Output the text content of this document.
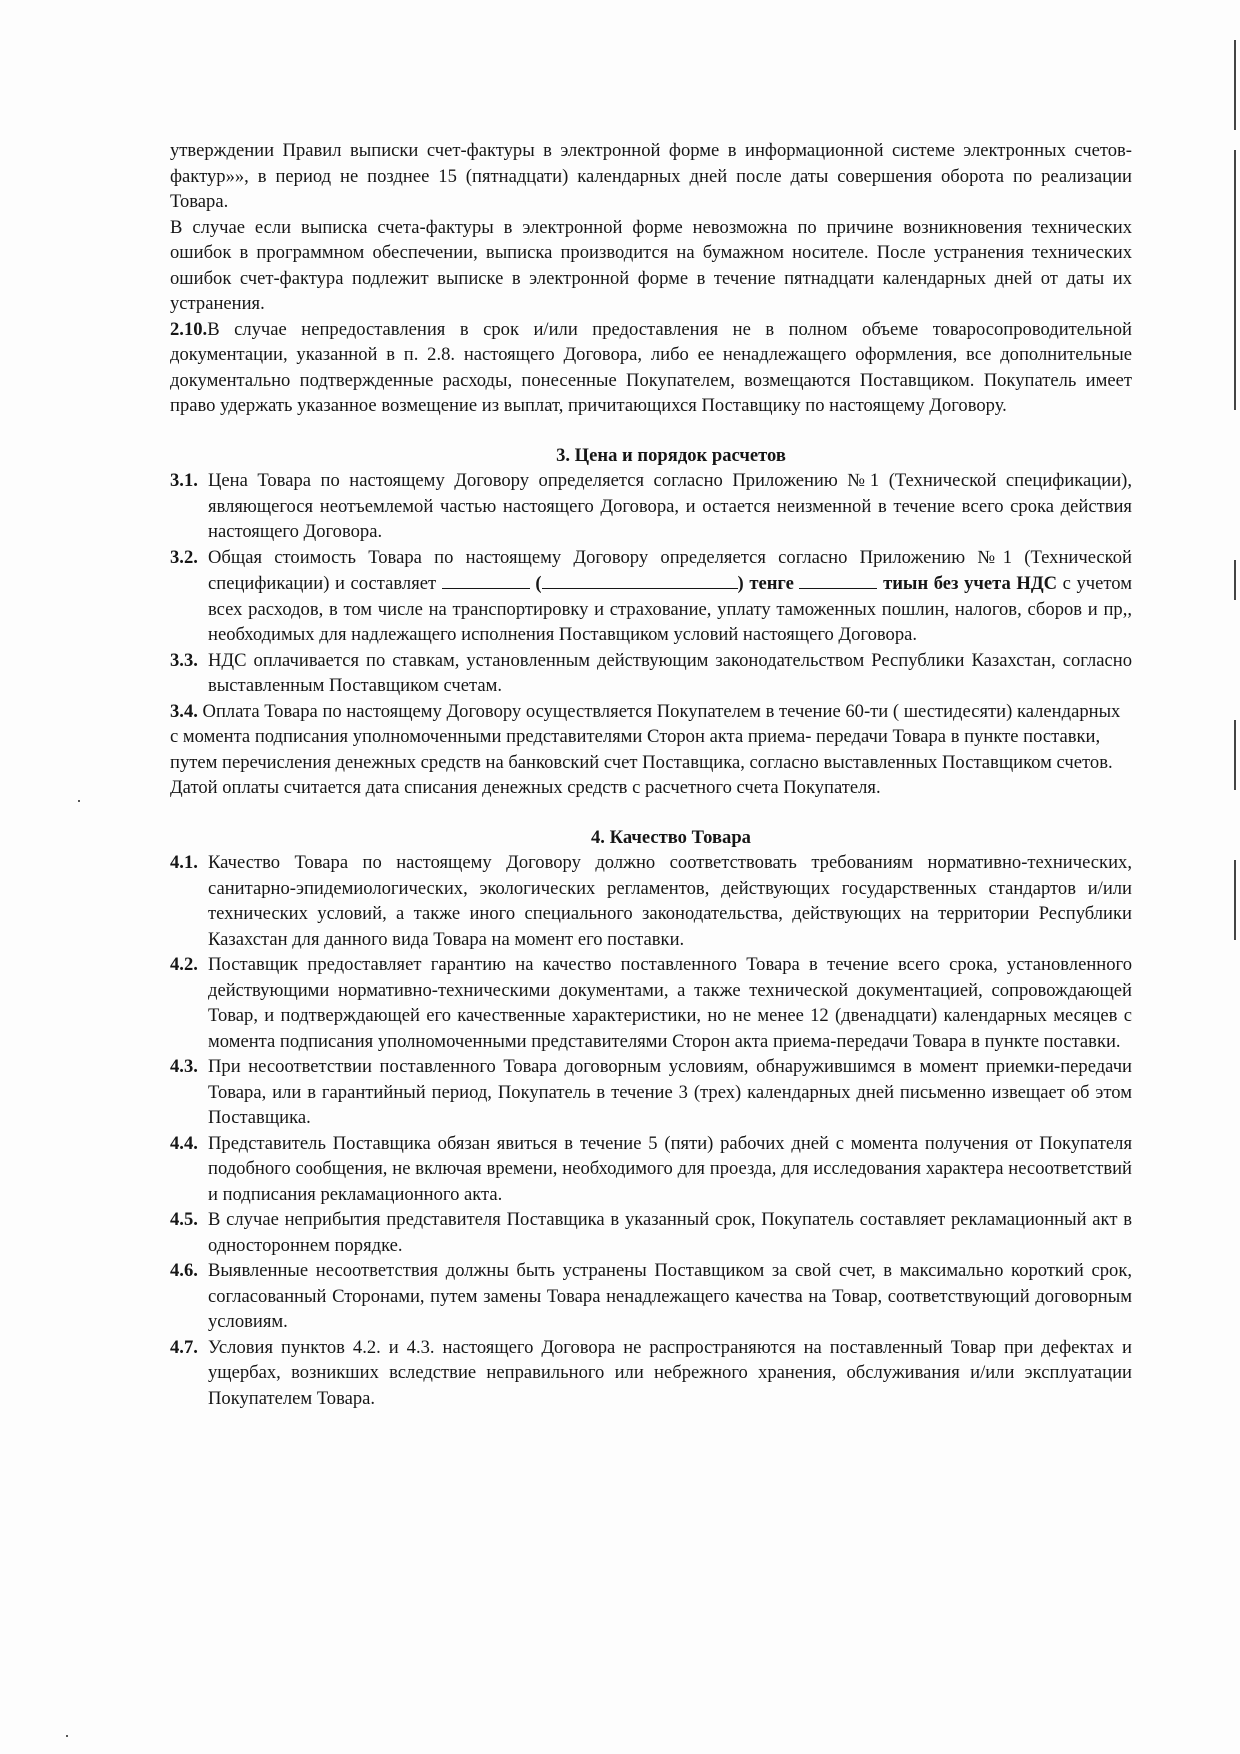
утверждении Правил выписки счет-фактуры в электронной форме в информационной системе электронных счетов-фактур»», в период не позднее 15 (пятнадцати) календарных дней после даты совершения оборота по реализации Товара.

В случае если выписка счета-фактуры в электронной форме невозможна по причине возникновения технических ошибок в программном обеспечении, выписка производится на бумажном носителе. После устранения технических ошибок счет-фактура подлежит выписке в электронной форме в течение пятнадцати календарных дней от даты их устранения.

2.10.В случае непредоставления в срок и/или предоставления не в полном объеме товаросопроводительной документации, указанной в п. 2.8. настоящего Договора, либо ее ненадлежащего оформления, все дополнительные документально подтвержденные расходы, понесенные Покупателем, возмещаются Поставщиком. Покупатель имеет право удержать указанное возмещение из выплат, причитающихся Поставщику по настоящему Договору.

3. Цена и порядок расчетов
3.1. Цена Товара по настоящему Договору определяется согласно Приложению №1 (Технической спецификации), являющегося неотъемлемой частью настоящего Договора, и остается неизменной в течение всего срока действия настоящего Договора.
3.2. Общая стоимость Товара по настоящему Договору определяется согласно Приложению №1 (Технической спецификации) и составляет	(	) тенге	тиын без учета НДС с учетом всех расходов, в том числе на транспортировку и страхование, уплату таможенных пошлин, налогов, сборов и пр,, необходимых для надлежащего исполнения Поставщиком условий настоящего Договора.
3.3. НДС оплачивается по ставкам, установленным действующим законодательством Республики Казахстан, согласно выставленным Поставщиком счетам.

3.4. Оплата Товара по настоящему Договору осуществляется Покупателем в течение 60-ти ( шестидесяти) календарных с момента подписания уполномоченными представителями Сторон акта приема- передачи Товара в пункте поставки, путем перечисления денежных средств на банковский счет Поставщика, согласно выставленных Поставщиком счетов. Датой оплаты считается дата списания денежных средств с расчетного счета Покупателя.

4. Качество Товара
4.1. Качество Товара по настоящему Договору должно соответствовать требованиям нормативно-технических, санитарно-эпидемиологических, экологических регламентов, действующих государственных стандартов и/или технических условий, а также иного специального законодательства, действующих на территории Республики Казахстан для данного вида Товара на момент его поставки.
4.2. Поставщик предоставляет гарантию на качество поставленного Товара в течение всего срока, установленного действующими нормативно-техническими документами, а также технической документацией, сопровождающей Товар, и подтверждающей его качественные характеристики, но не менее 12 (двенадцати) календарных месяцев с момента подписания уполномоченными представителями Сторон акта приема-передачи Товара в пункте поставки.
4.3. При несоответствии поставленного Товара договорным условиям, обнаружившимся в момент приемки-передачи Товара, или в гарантийный период, Покупатель в течение 3 (трех) календарных дней письменно извещает об этом Поставщика.
4.4. Представитель Поставщика обязан явиться в течение 5 (пяти) рабочих дней с момента получения от Покупателя подобного сообщения, не включая времени, необходимого для проезда, для исследования характера несоответствий и подписания рекламационного акта.
4.5. В случае неприбытия представителя Поставщика в указанный срок, Покупатель составляет рекламационный акт в одностороннем порядке.
4.6. Выявленные несоответствия должны быть устранены Поставщиком за свой счет, в максимально короткий срок, согласованный Сторонами, путем замены Товара ненадлежащего качества на Товар, соответствующий договорным условиям.
4.7. Условия пунктов 4.2. и 4.3. настоящего Договора не распространяются на поставленный Товар при дефектах и ущербах, возникших вследствие неправильного или небрежного хранения, обслуживания и/или эксплуатации Покупателем Товара.
